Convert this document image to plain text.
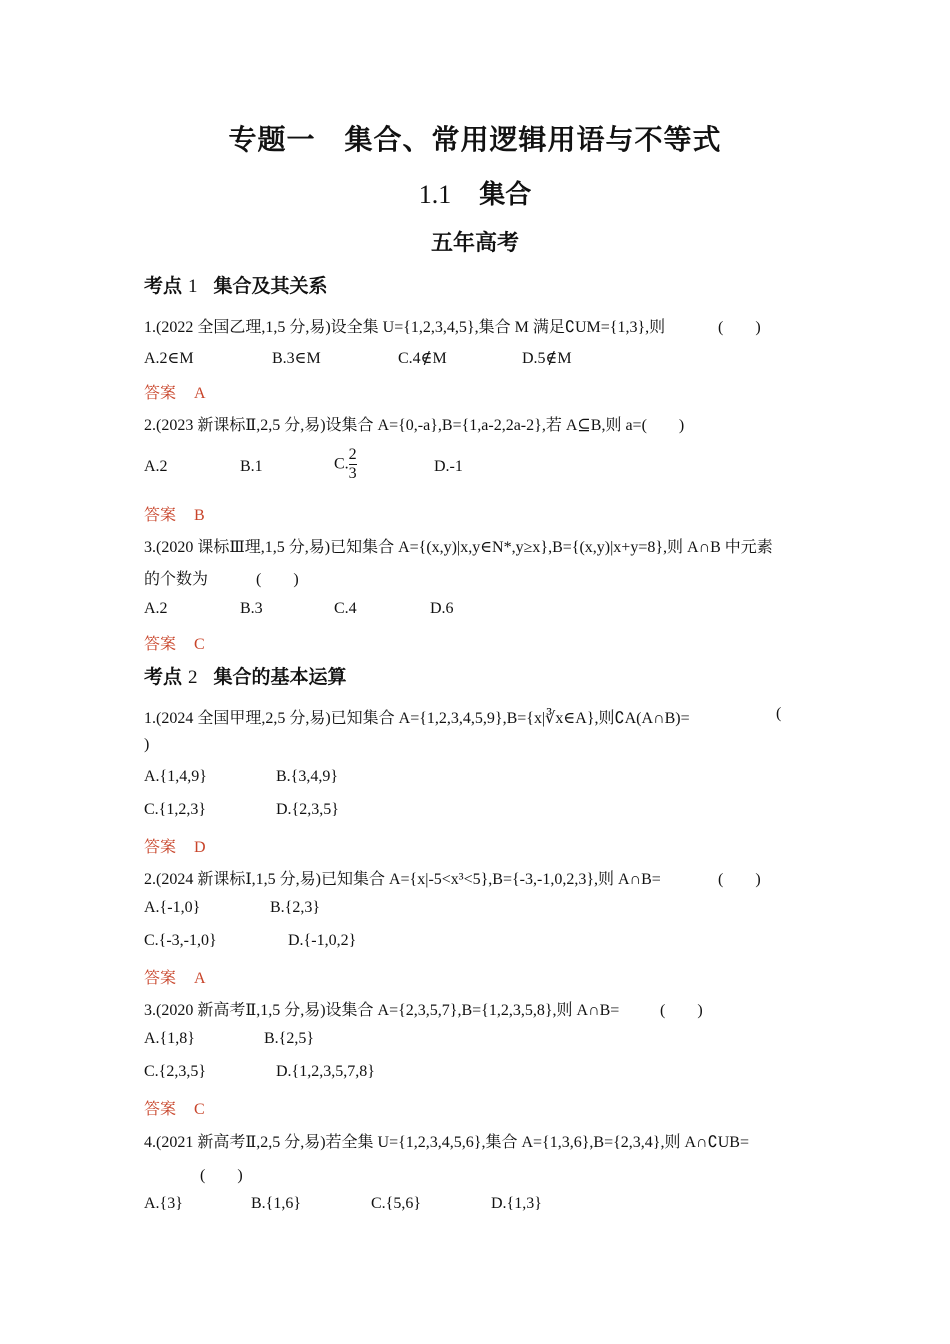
专题一　集合、常用逻辑用语与不等式
1.1 集合
五年高考
考点 1 集合及其关系
1.(2022 全国乙理,1,5 分,易)设全集 U={1,2,3,4,5},集合 M 满足∁UM={1,3},则	(　　)
A.2∈M	B.3∈M	C.4∉M	D.5∉M
答案 A
2.(2023 新课标Ⅱ,2,5 分,易)设集合 A={0,-a},B={1,a-2,2a-2},若 A⊆B,则 a=(　　)
A.2	B.1	$C.\frac{2}{3}$	D.-1
答案 B
3.(2020 课标Ⅲ理,1,5 分,易)已知集合 A={(x,y)|x,y∈N*,y≥x},B={(x,y)|x+y=8},则 A∩B 中元素
的个数为　　　(　　)
A.2	B.3	C.4	D.6
答案 C
考点 2 集合的基本运算
1.(2024 全国甲理,2,5 分,易)已知集合 A={1,2,3,4,5,9},B={x|∛x∈A},则∁A(A∩B)=	(
)
A.{1,4,9}	B.{3,4,9}
C.{1,2,3}	D.{2,3,5}
答案 D
2.(2024 新课标Ⅰ,1,5 分,易)已知集合 A={x|-5<x³<5},B={-3,-1,0,2,3},则 A∩B=	(　　)
A.{-1,0}	B.{2,3}
C.{-3,-1,0}	D.{-1,0,2}
答案 A
3.(2020 新高考Ⅱ,1,5 分,易)设集合 A={2,3,5,7},B={1,2,3,5,8},则 A∩B=	(　　)
A.{1,8}	B.{2,5}
C.{2,3,5}	D.{1,2,3,5,7,8}
答案 C
4.(2021 新高考Ⅱ,2,5 分,易)若全集 U={1,2,3,4,5,6},集合 A={1,3,6},B={2,3,4},则 A∩∁UB=
(　　)
A.{3}	B.{1,6}	C.{5,6}	D.{1,3}
